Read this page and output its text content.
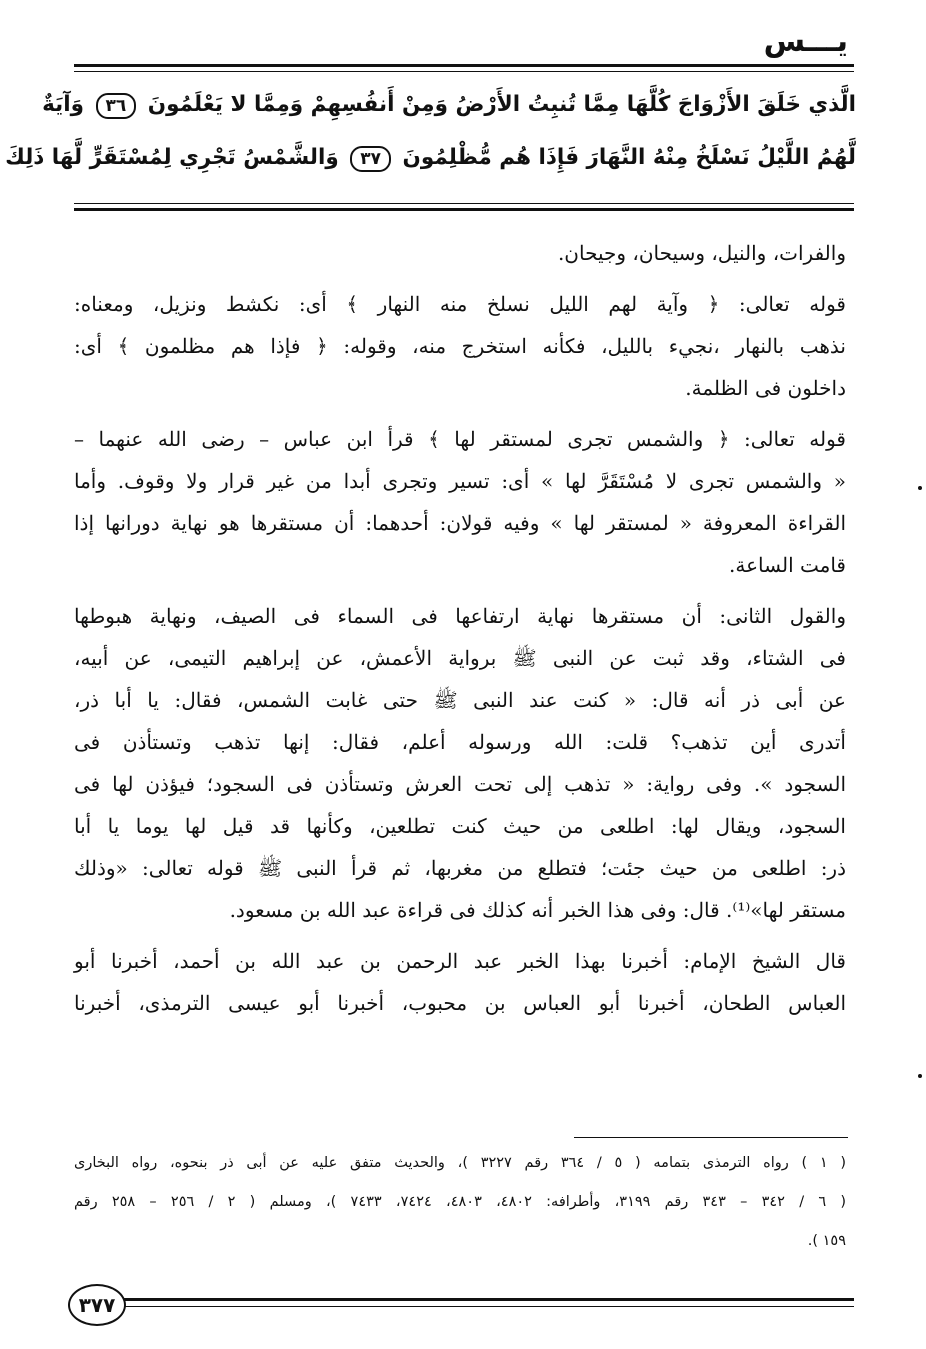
يـــس
الَّذي خَلَقَ الأَزْوَاجَ كُلَّهَا مِمَّا تُنبِتُ الأَرْضُ وَمِنْ أَنفُسِهِمْ وَمِمَّا لا يَعْلَمُونَ ٣٦ وَآيَةٌ
لَّهُمُ اللَّيْلُ نَسْلَخُ مِنْهُ النَّهَارَ فَإِذَا هُم مُّظْلِمُونَ ٣٧ وَالشَّمْسُ تَجْرِي لِمُسْتَقَرٍّ لَّهَا ذَلِكَ
والفرات، والنيل، وسيحان، وجيحان.
قوله تعالى: ﴿ وآية لهم الليل نسلخ منه النهار ﴾ أى: نكشط ونزيل، ومعناه:
نذهب بالنهار ،نجيء بالليل، فكأنه استخرج منه، وقوله: ﴿ فإذا هم مظلمون ﴾ أى:
داخلون فى الظلمة.
قوله تعالى: ﴿ والشمس تجرى لمستقر لها ﴾ قرأ ابن عباس – رضى الله عنهما –
« والشمس تجرى لا مُسْتَقَرَّ لها » أى: تسير وتجرى أبدا من غير قرار ولا وقوف. وأما
القراءة المعروفة « لمستقر لها » وفيه قولان: أحدهما: أن مستقرها هو نهاية دورانها إذا
قامت الساعة.
والقول الثانى: أن مستقرها نهاية ارتفاعها فى السماء فى الصيف، ونهاية هبوطها
فى الشتاء، وقد ثبت عن النبى ﷺ برواية الأعمش، عن إبراهيم التيمى، عن أبيه،
عن أبى ذر أنه قال: « كنت عند النبى ﷺ حتى غابت الشمس، فقال: يا أبا ذر،
أتدرى أين تذهب؟ قلت: الله ورسوله أعلم، فقال: إنها تذهب وتستأذن فى
السجود ». وفى رواية: « تذهب إلى تحت العرش وتستأذن فى السجود؛ فيؤذن لها فى
السجود، ويقال لها: اطلعى من حيث كنت تطلعين، وكأنها قد قيل لها يوما يا أبا
ذر: اطلعى من حيث جئت؛ فتطلع من مغربها، ثم قرأ النبى ﷺ قوله تعالى: «وذلك
مستقر لها»⁽¹⁾. قال: وفى هذا الخبر أنه كذلك فى قراءة عبد الله بن مسعود.
قال الشيخ الإمام: أخبرنا بهذا الخبر عبد الرحمن بن عبد الله بن أحمد، أخبرنا أبو
العباس الطحان، أخبرنا أبو العباس بن محبوب، أخبرنا أبو عيسى الترمذى، أخبرنا
( ١ ) رواه الترمذى بتمامه ( ٥ / ٣٦٤ رقم ٣٢٢٧ )، والحديث متفق عليه عن أبى ذر بنحوه، رواه البخارى
( ٦ / ٣٤٢ – ٣٤٣ رقم ٣١٩٩، وأطرافه: ٤٨٠٢، ٤٨٠٣، ٧٤٢٤، ٧٤٣٣ )، ومسلم ( ٢ / ٢٥٦ – ٢٥٨ رقم
١٥٩ ).
٣٧٧
